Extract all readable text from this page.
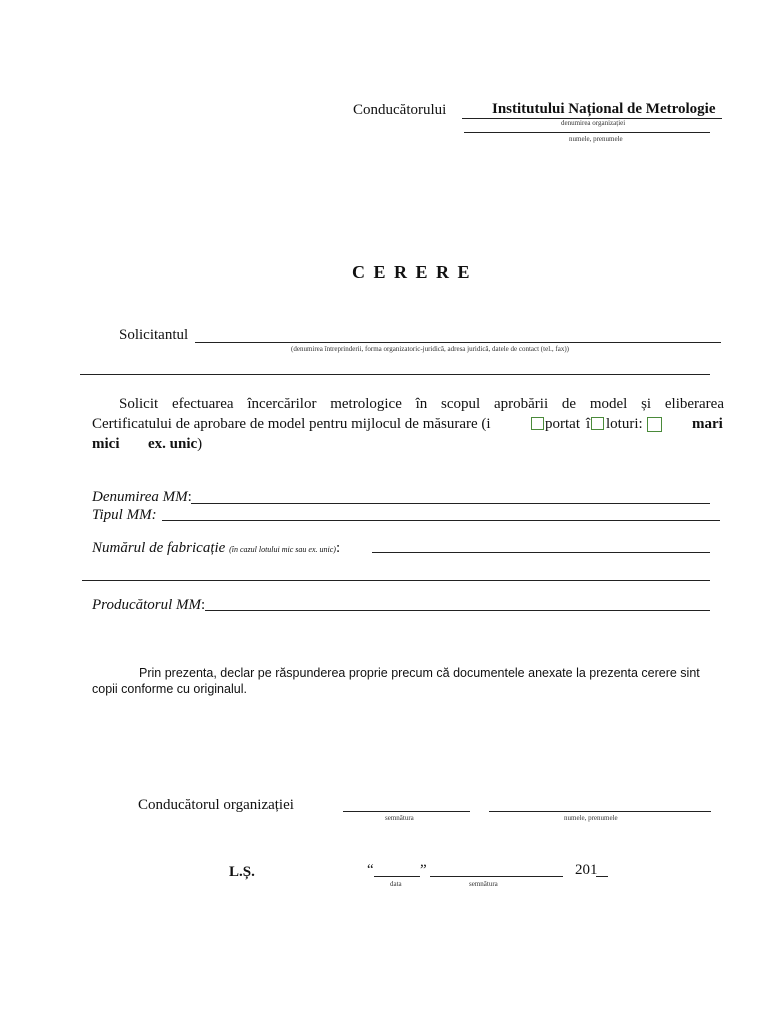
Conducătorului	Institutului Național de Metrologie
denumirea organizației
numele, prenumele
C E R E R E
Solicitantul
(denumirea întreprinderii, forma organizatoric-juridică, adresa juridică, datele de contact (tel., fax))
Solicit efectuarea încercărilor metrologice în scopul aprobării de model și eliberarea
Certificatului de aprobare de model pentru mijlocul de măsurare (i	portat î loturi:	mari
mici ex. unic)
Denumirea MM:
Tipul MM:
Numărul de fabricație (în cazul lotului mic sau ex. unic):
Producătorul MM:
Prin prezenta, declar pe răspunderea proprie precum că documentele anexate la prezenta cerere sint
copii conforme cu originalul.
Conducătorul organizației
semnătura	numele, prenumele
L.Ș.	“	”
data	semnătura
201
